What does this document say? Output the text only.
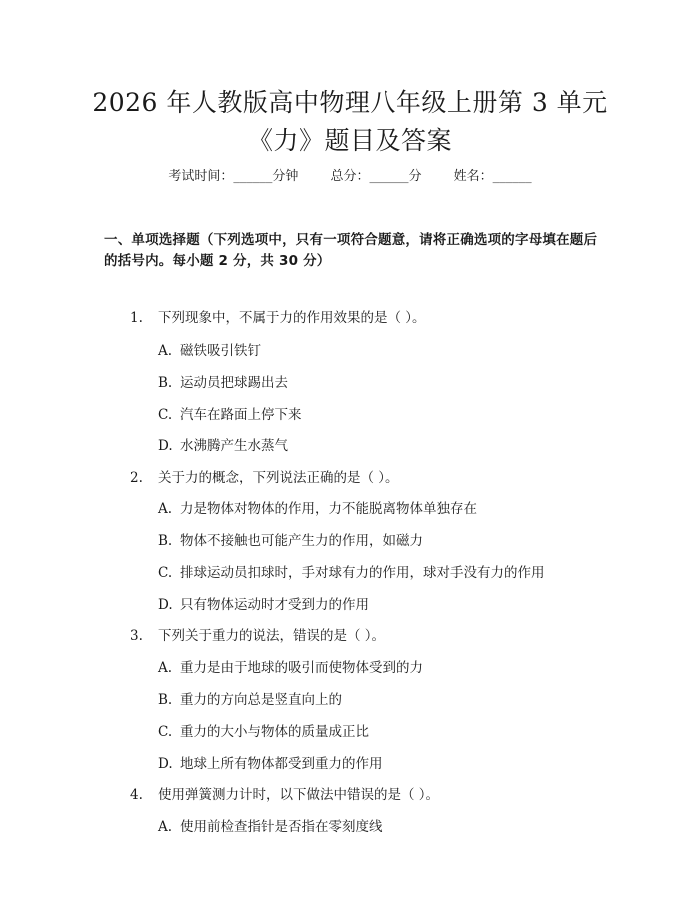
2026 年人教版高中物理八年级上册第 3 单元
《力》题目及答案
考试时间：______分钟 总分：______分 姓名：______
一、单项选择题（下列选项中，只有一项符合题意，请将正确选项的字母填在题后的括号内。每小题 2 分，共 30 分）
1. 下列现象中，不属于力的作用效果的是（ ）。
A. 磁铁吸引铁钉
B. 运动员把球踢出去
C. 汽车在路面上停下来
D. 水沸腾产生水蒸气
2. 关于力的概念，下列说法正确的是（ ）。
A. 力是物体对物体的作用，力不能脱离物体单独存在
B. 物体不接触也可能产生力的作用，如磁力
C. 排球运动员扣球时，手对球有力的作用，球对手没有力的作用
D. 只有物体运动时才受到力的作用
3. 下列关于重力的说法，错误的是（ ）。
A. 重力是由于地球的吸引而使物体受到的力
B. 重力的方向总是竖直向上的
C. 重力的大小与物体的质量成正比
D. 地球上所有物体都受到重力的作用
4. 使用弹簧测力计时，以下做法中错误的是（ ）。
A. 使用前检查指针是否指在零刻度线
